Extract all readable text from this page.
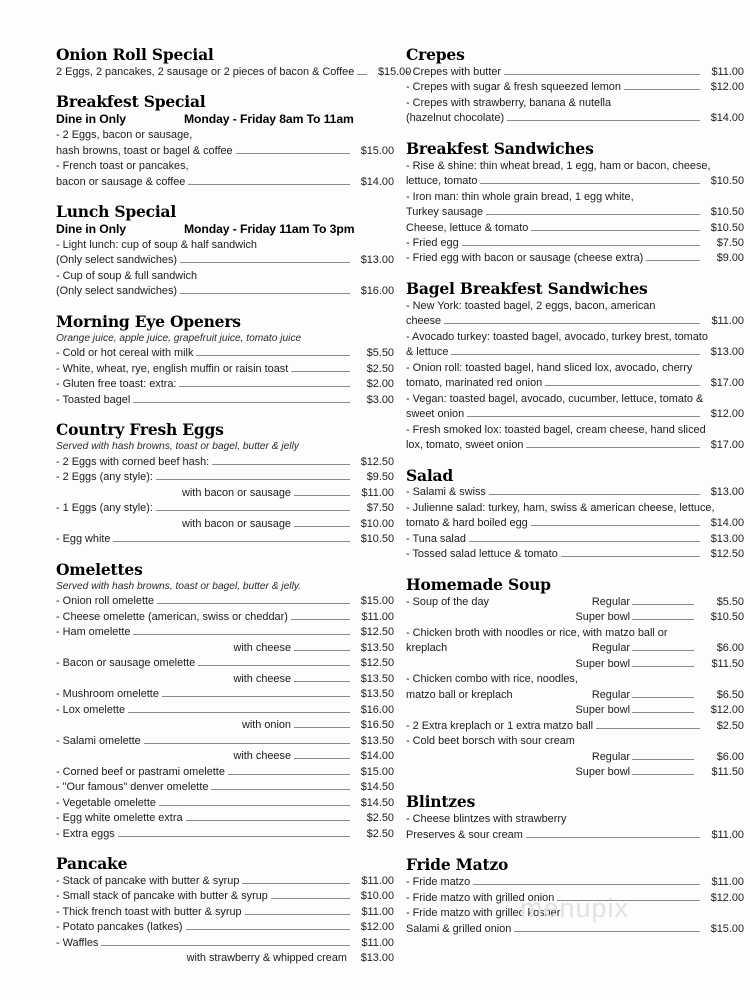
Onion Roll Special
2 Eggs, 2 pancakes, 2 sausage or 2 pieces of bacon & Coffee	$15.00
Breakfest Special
Dine in Only	Monday - Friday 8am To 11am
- 2 Eggs, bacon or sausage,
hash browns, toast or bagel & coffee	$15.00
- French toast or pancakes,
bacon or sausage & coffee	$14.00
Lunch Special
Dine in Only	Monday - Friday 11am To 3pm
- Light lunch: cup of soup & half sandwich
(Only select sandwiches)	$13.00
- Cup of soup & full sandwich
(Only select sandwiches)	$16.00
Morning Eye Openers
Orange juice, apple juice, grapefruit juice, tomato juice
- Cold or hot cereal with milk	$5.50
- White, wheat, rye, english muffin or raisin toast	$2.50
- Gluten free toast: extra:	$2.00
- Toasted bagel	$3.00
Country Fresh Eggs
Served with hash browns, toast or bagel, butter & jelly
- 2 Eggs with corned beef hash:	$12.50
- 2 Eggs (any style):	$9.50
with bacon or sausage	$11.00
- 1 Eggs (any style):	$7.50
with bacon or sausage	$10.00
- Egg white	$10.50
Omelettes
Served with hash browns, toast or bagel, butter & jelly.
- Onion roll omelette	$15.00
- Cheese omelette (american, swiss or cheddar)	$11.00
- Ham omelette	$12.50
with cheese	$13.50
- Bacon or sausage omelette	$12.50
with cheese	$13.50
- Mushroom omelette	$13.50
- Lox omelette	$16.00
with onion	$16.50
- Salami omelette	$13.50
with cheese	$14.00
- Corned beef or pastrami omelette	$15.00
- "Our famous" denver omelette	$14.50
- Vegetable omelette	$14.50
- Egg white omelette extra	$2.50
- Extra eggs	$2.50
Pancake
- Stack of pancake with butter & syrup	$11.00
- Small stack of pancake with butter & syrup	$10.00
- Thick french toast with butter & syrup	$11.00
- Potato pancakes (latkes)	$12.00
- Waffles	$11.00
with strawberry & whipped cream	$13.00
Crepes
- Crepes with butter	$11.00
- Crepes with sugar & fresh squeezed lemon	$12.00
- Crepes with strawberry, banana & nutella
(hazelnut chocolate)	$14.00
Breakfest Sandwiches
- Rise & shine: thin wheat bread, 1 egg, ham or bacon, cheese,
lettuce, tomato	$10.50
- Iron man: thin whole grain bread, 1 egg white,
Turkey sausage	$10.50
Cheese, lettuce & tomato	$10.50
- Fried egg	$7.50
- Fried egg with bacon or sausage (cheese extra)	$9.00
Bagel Breakfest Sandwiches
- New York: toasted bagel, 2 eggs, bacon, american
cheese	$11.00
- Avocado turkey: toasted bagel, avocado, turkey brest, tomato
& lettuce	$13.00
- Onion roll: toasted bagel, hand sliced lox, avocado, cherry
tomato, marinated red onion	$17.00
- Vegan: toasted bagel, avocado, cucumber, lettuce, tomato &
sweet onion	$12.00
- Fresh smoked lox: toasted bagel, cream cheese, hand sliced
lox, tomato, sweet onion	$17.00
Salad
- Salami & swiss	$13.00
- Julienne salad: turkey, ham, swiss & american cheese, lettuce,
tomato & hard boiled egg	$14.00
- Tuna salad	$13.00
- Tossed salad lettuce & tomato	$12.50
Homemade Soup
- Soup of the day	Regular	$5.50
Super bowl	$10.50
- Chicken broth with noodles or rice, with matzo ball or
kreplach	Regular	$6.00
Super bowl	$11.50
- Chicken combo with rice, noodles,
matzo ball or kreplach	Regular	$6.50
Super bowl	$12.00
- 2 Extra kreplach or 1 extra matzo ball	$2.50
- Cold beet borsch with sour cream
Regular	$6.00
Super bowl	$11.50
Blintzes
- Cheese blintzes with strawberry
Preserves & sour cream	$11.00
Fride Matzo
- Fride matzo	$11.00
- Fride matzo with grilled onion	$12.00
- Fride matzo with grilled kosher
Salami & grilled onion	$15.00
menupix
